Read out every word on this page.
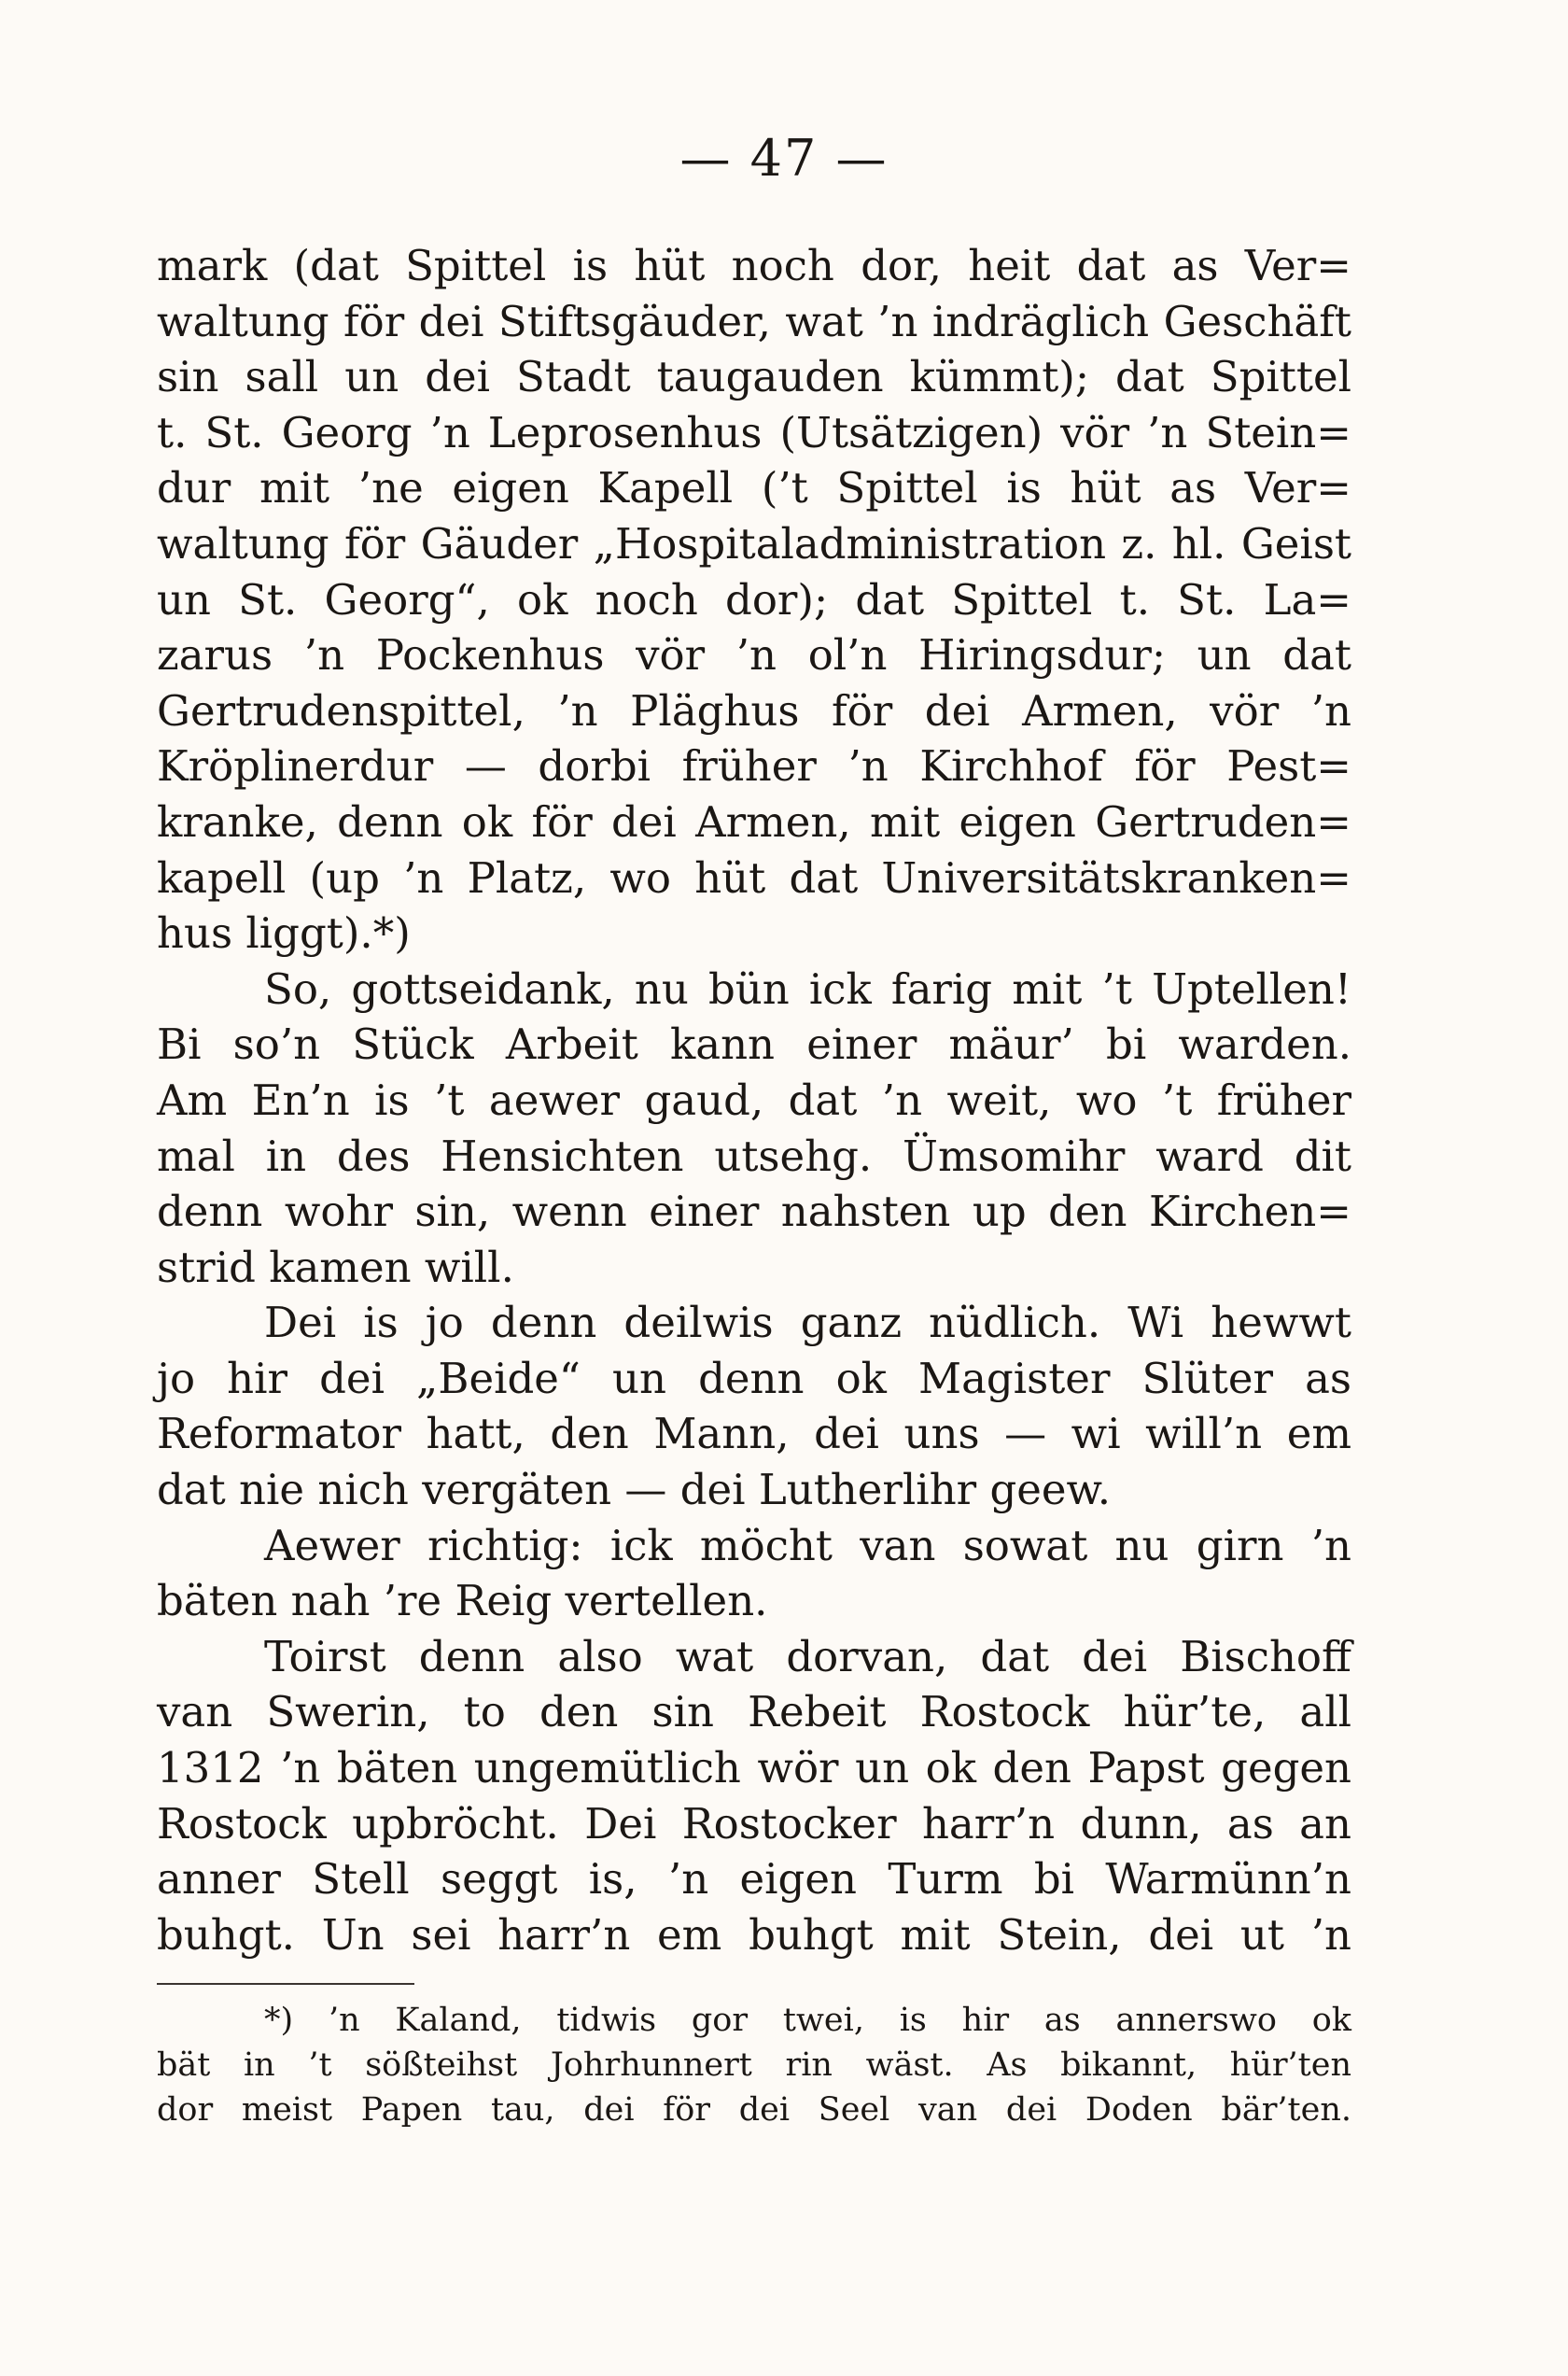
— 47 —
mark (dat Spittel is hüt noch dor, heit dat as Ver=
waltung för dei Stiftsgäuder, wat ’n indräglich Geschäft
sin sall un dei Stadt taugauden kümmt); dat Spittel
t. St. Georg ’n Leprosenhus (Utsätzigen) vör ’n Stein=
dur mit ’ne eigen Kapell (’t Spittel is hüt as Ver=
waltung för Gäuder „Hospitaladministration z. hl. Geist
un St. Georg“, ok noch dor); dat Spittel t. St. La=
zarus ’n Pockenhus vör ’n ol’n Hiringsdur; un dat
Gertrudenspittel, ’n Pläghus för dei Armen, vör ’n
Kröplinerdur — dorbi früher ’n Kirchhof för Pest=
kranke, denn ok för dei Armen, mit eigen Gertruden=
kapell (up ’n Platz, wo hüt dat Universitätskranken=
hus liggt).*)
So, gottseidank, nu bün ick farig mit ’t Uptellen!
Bi so’n Stück Arbeit kann einer mäur’ bi warden.
Am En’n is ’t aewer gaud, dat ’n weit, wo ’t früher
mal in des Hensichten utsehg. Ümsomihr ward dit
denn wohr sin, wenn einer nahsten up den Kirchen=
strid kamen will.
Dei is jo denn deilwis ganz nüdlich. Wi hewwt
jo hir dei „Beide“ un denn ok Magister Slüter as
Reformator hatt, den Mann, dei uns — wi will’n em
dat nie nich vergäten — dei Lutherlihr geew.
Aewer richtig: ick möcht van sowat nu girn ’n
bäten nah ’re Reig vertellen.
Toirst denn also wat dorvan, dat dei Bischoff
van Swerin, to den sin Rebeit Rostock hür’te, all
1312 ’n bäten ungemütlich wör un ok den Papst gegen
Rostock upbröcht. Dei Rostocker harr’n dunn, as an
anner Stell seggt is, ’n eigen Turm bi Warmünn’n
buhgt. Un sei harr’n em buhgt mit Stein, dei ut ’n
*) ’n Kaland, tidwis gor twei, is hir as annerswo ok
bät in ’t sößteihst Johrhunnert rin wäst. As bikannt, hür’ten
dor meist Papen tau, dei för dei Seel van dei Doden bär’ten.
